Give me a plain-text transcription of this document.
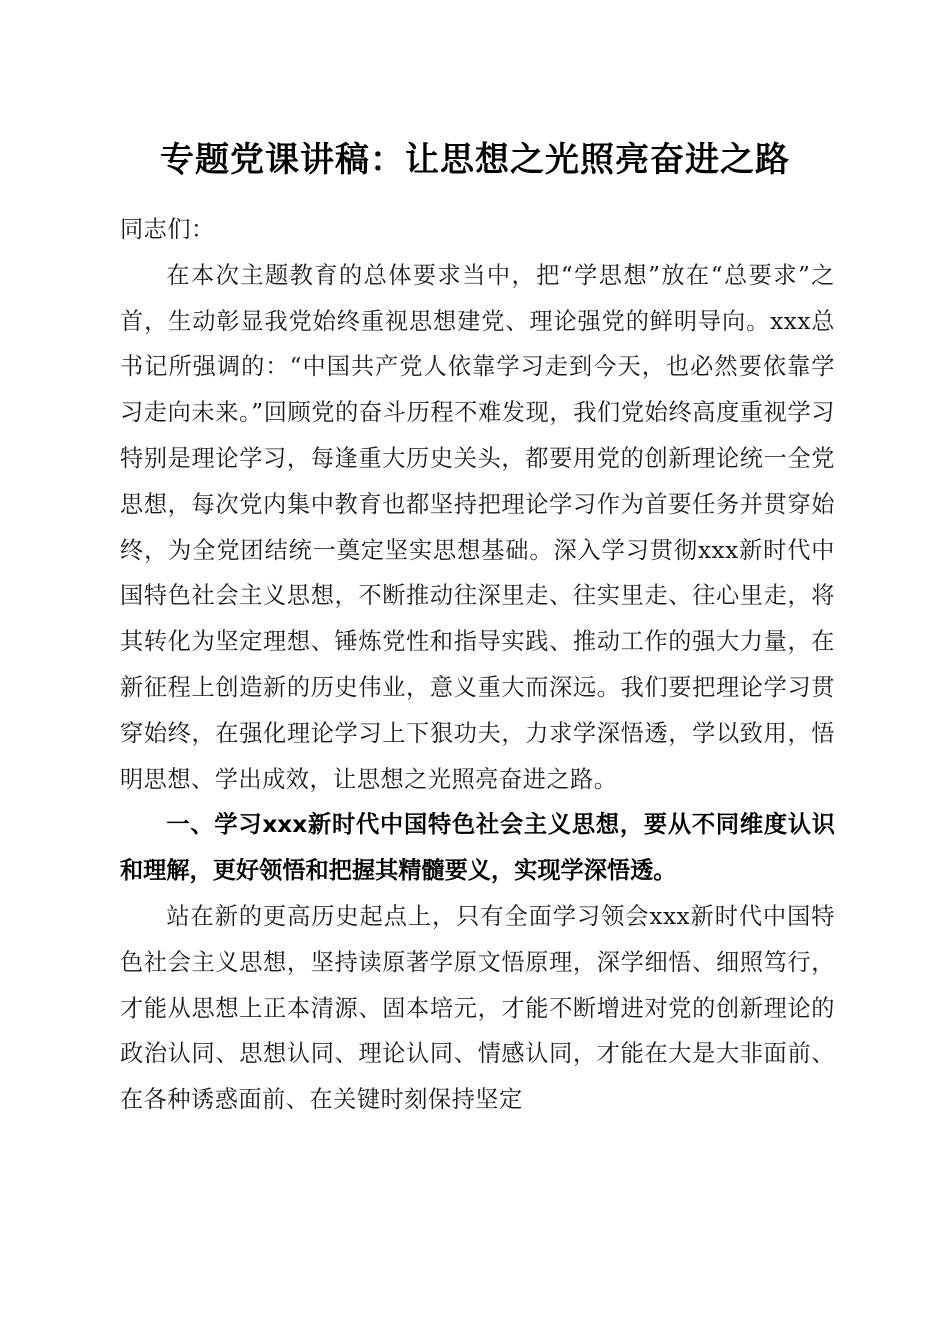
专题党课讲稿：让思想之光照亮奋进之路

同志们：

在本次主题教育的总体要求当中，把“学思想”放在“总要求”之首，生动彰显我党始终重视思想建党、理论强党的鲜明导向。xxx总书记所强调的：“中国共产党人依靠学习走到今天，也必然要依靠学习走向未来。”回顾党的奋斗历程不难发现，我们党始终高度重视学习特别是理论学习，每逢重大历史关头，都要用党的创新理论统一全党思想，每次党内集中教育也都坚持把理论学习作为首要任务并贯穿始终，为全党团结统一奠定坚实思想基础。深入学习贯彻xxx新时代中国特色社会主义思想，不断推动往深里走、往实里走、往心里走，将其转化为坚定理想、锤炼党性和指导实践、推动工作的强大力量，在新征程上创造新的历史伟业，意义重大而深远。我们要把理论学习贯穿始终，在强化理论学习上下狠功夫，力求学深悟透，学以致用，悟明思想、学出成效，让思想之光照亮奋进之路。

一、学习xxx新时代中国特色社会主义思想，要从不同维度认识和理解，更好领悟和把握其精髓要义，实现学深悟透。

站在新的更高历史起点上，只有全面学习领会xxx新时代中国特色社会主义思想，坚持读原著学原文悟原理，深学细悟、细照笃行，才能从思想上正本清源、固本培元，才能不断增进对党的创新理论的政治认同、思想认同、理论认同、情感认同，才能在大是大非面前、在各种诱惑面前、在关键时刻保持坚定
